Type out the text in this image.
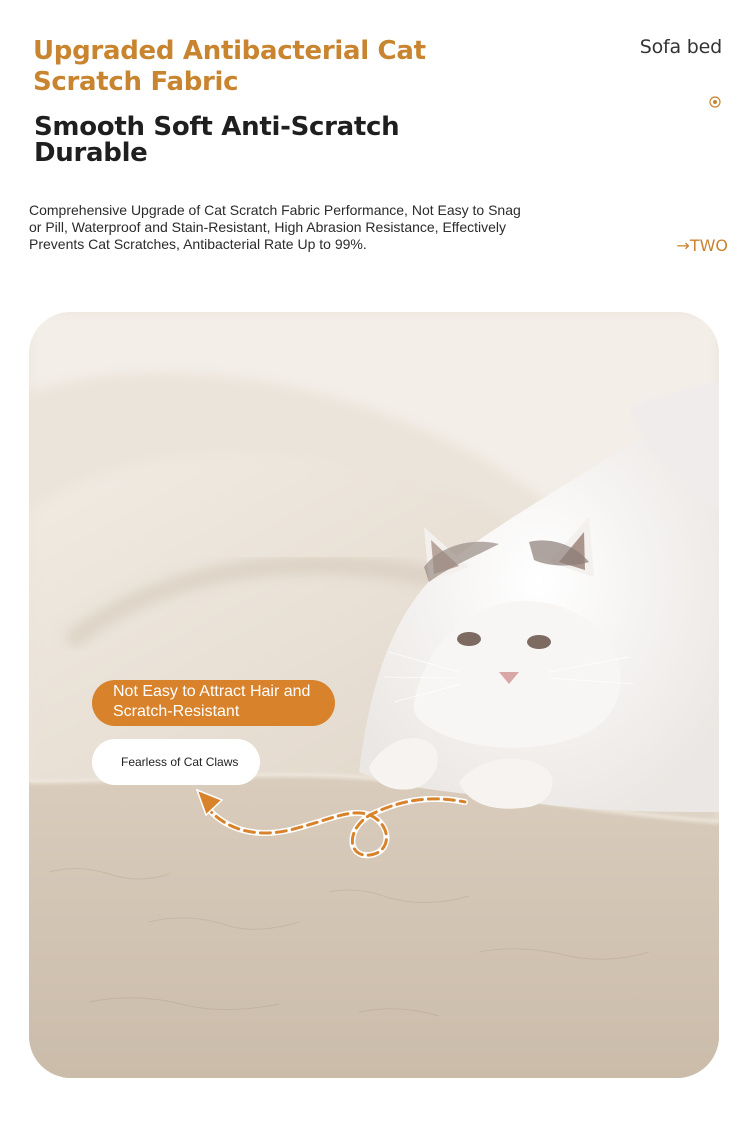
Upgraded Antibacterial Cat Scratch Fabric
Smooth Soft Anti-Scratch Durable
Comprehensive Upgrade of Cat Scratch Fabric Performance, Not Easy to Snag or Pill, Waterproof and Stain-Resistant, High Abrasion Resistance, Effectively Prevents Cat Scratches, Antibacterial Rate Up to 99%.
Sofa bed
→TWO
Not Easy to Attract Hair and Scratch-Resistant
Fearless of Cat Claws
